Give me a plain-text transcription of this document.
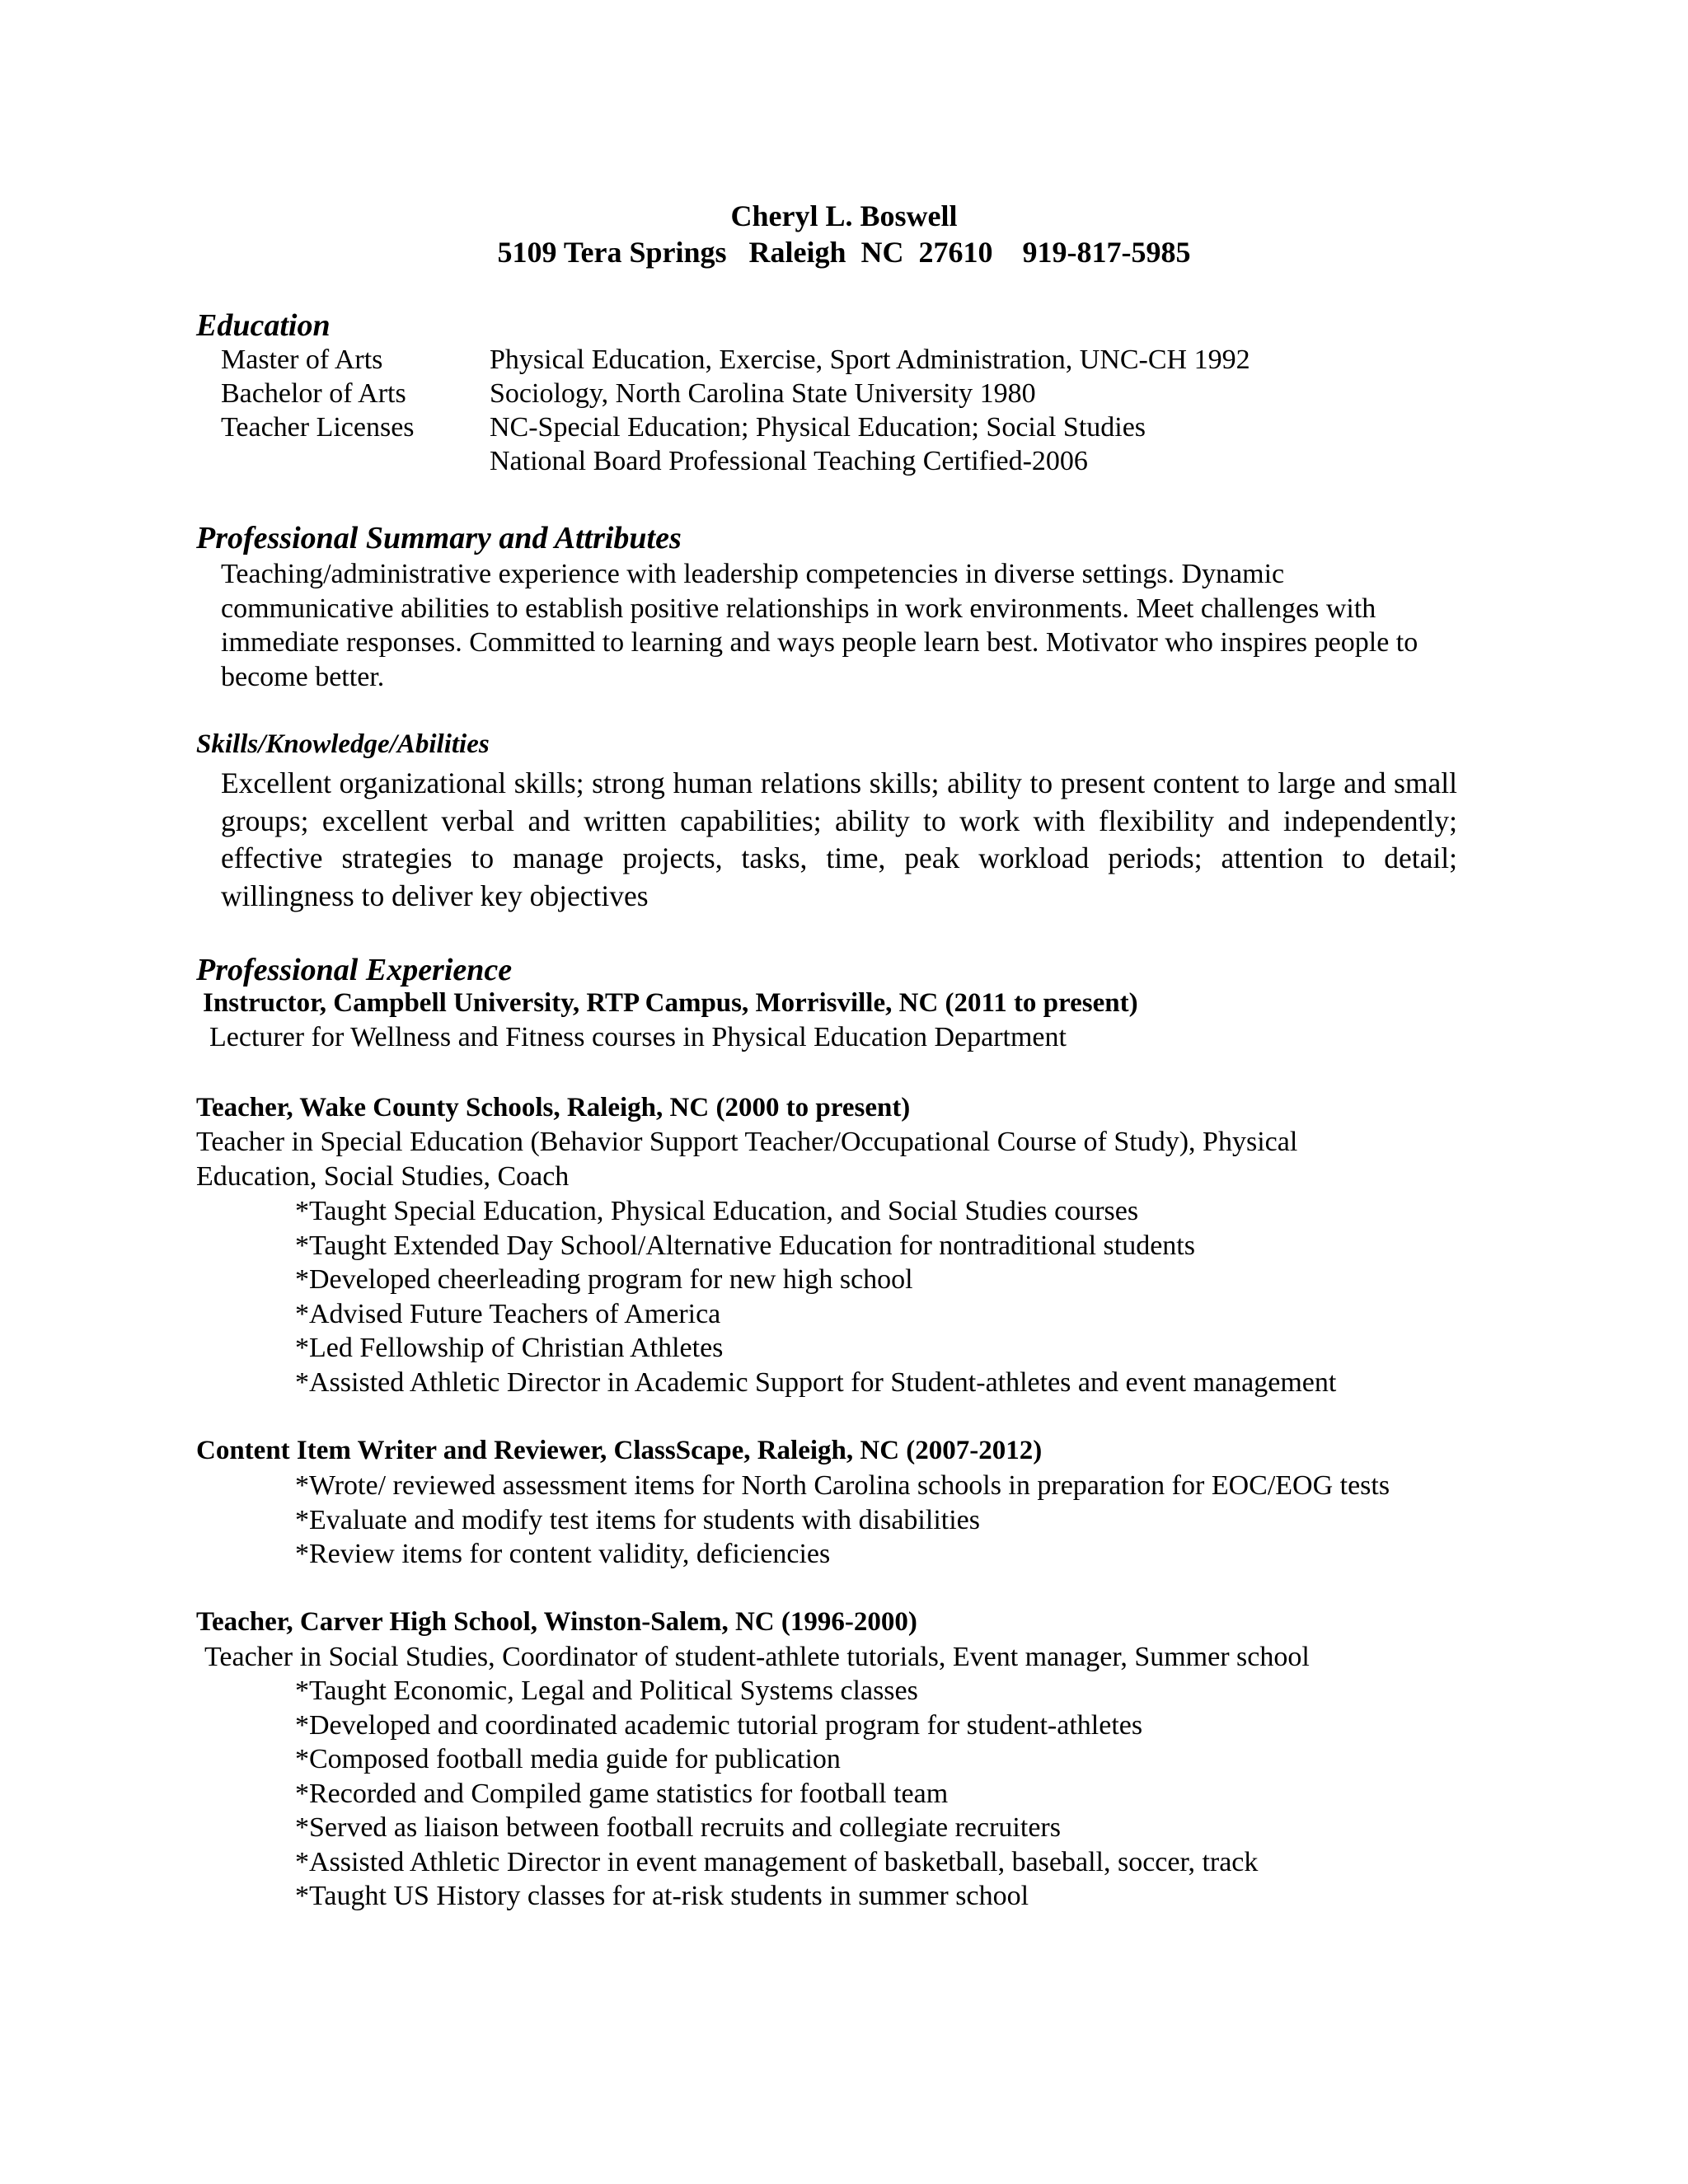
Cheryl L. Boswell
5109 Tera Springs   Raleigh  NC  27610    919-817-5985
Education
Master of Arts	Physical Education, Exercise, Sport Administration, UNC-CH 1992
Bachelor of Arts	Sociology, North Carolina State University 1980
Teacher Licenses	NC-Special Education; Physical Education; Social Studies
National Board Professional Teaching Certified-2006
Professional Summary and Attributes
Teaching/administrative experience with leadership competencies in diverse settings. Dynamic communicative abilities to establish positive relationships in work environments. Meet challenges with immediate responses. Committed to learning and ways people learn best. Motivator who inspires people to become better.
Skills/Knowledge/Abilities
Excellent organizational skills; strong human relations skills; ability to present content to large and small groups; excellent verbal and written capabilities; ability to work with flexibility and independently; effective strategies to manage projects, tasks, time, peak workload periods; attention to detail; willingness to deliver key objectives
Professional Experience
Instructor, Campbell University, RTP Campus, Morrisville, NC (2011 to present)
Lecturer for Wellness and Fitness courses in Physical Education Department
Teacher, Wake County Schools, Raleigh, NC (2000 to present)
Teacher in Special Education (Behavior Support Teacher/Occupational Course of Study), Physical Education, Social Studies, Coach
*Taught Special Education, Physical Education, and Social Studies courses
*Taught Extended Day School/Alternative Education for nontraditional students
*Developed cheerleading program for new high school
*Advised Future Teachers of America
*Led Fellowship of Christian Athletes
*Assisted Athletic Director in Academic Support for Student-athletes and event management
Content Item Writer and Reviewer, ClassScape, Raleigh, NC (2007-2012)
*Wrote/ reviewed assessment items for North Carolina schools in preparation for EOC/EOG tests
*Evaluate and modify test items for students with disabilities
*Review items for content validity, deficiencies
Teacher, Carver High School, Winston-Salem, NC (1996-2000)
Teacher in Social Studies, Coordinator of student-athlete tutorials, Event manager, Summer school
*Taught Economic, Legal and Political Systems classes
*Developed and coordinated academic tutorial program for student-athletes
*Composed football media guide for publication
*Recorded and Compiled game statistics for football team
*Served as liaison between football recruits and collegiate recruiters
*Assisted Athletic Director in event management of basketball, baseball, soccer, track
*Taught US History classes for at-risk students in summer school
